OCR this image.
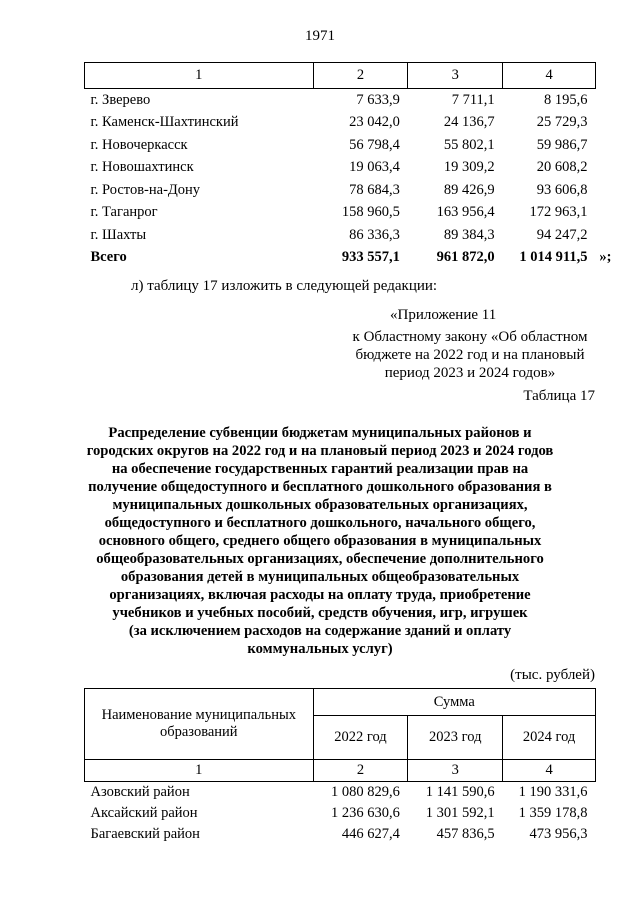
1971
1	2	3	4
г. Зверево	7 633,9	7 711,1	8 195,6
г. Каменск-Шахтинский	23 042,0	24 136,7	25 729,3
г. Новочеркасск	56 798,4	55 802,1	59 986,7
г. Новошахтинск	19 063,4	19 309,2	20 608,2
г. Ростов-на-Дону	78 684,3	89 426,9	93 606,8
г. Таганрог	158 960,5	163 956,4	172 963,1
г. Шахты	86 336,3	89 384,3	94 247,2
Всего	933 557,1	961 872,0	1 014 911,5 »;
л) таблицу 17 изложить в следующей редакции:
«Приложение 11
к Областному закону «Об областном
бюджете на 2022 год и на плановый
период 2023 и 2024 годов»
Таблица 17
Распределение субвенции бюджетам муниципальных районов и
городских округов на 2022 год и на плановый период 2023 и 2024 годов
на обеспечение государственных гарантий реализации прав на
получение общедоступного и бесплатного дошкольного образования в
муниципальных дошкольных образовательных организациях,
общедоступного и бесплатного дошкольного, начального общего,
основного общего, среднего общего образования в муниципальных
общеобразовательных организациях, обеспечение дополнительного
образования детей в муниципальных общеобразовательных
организациях, включая расходы на оплату труда, приобретение
учебников и учебных пособий, средств обучения, игр, игрушек
(за исключением расходов на содержание зданий и оплату
коммунальных услуг)
(тыс. рублей)
Наименование муниципальных образований	Сумма		
	2022 год	2023 год	2024 год
1	2	3	4
Азовский район	1 080 829,6	1 141 590,6	1 190 331,6
Аксайский район	1 236 630,6	1 301 592,1	1 359 178,8
Багаевский район	446 627,4	457 836,5	473 956,3
